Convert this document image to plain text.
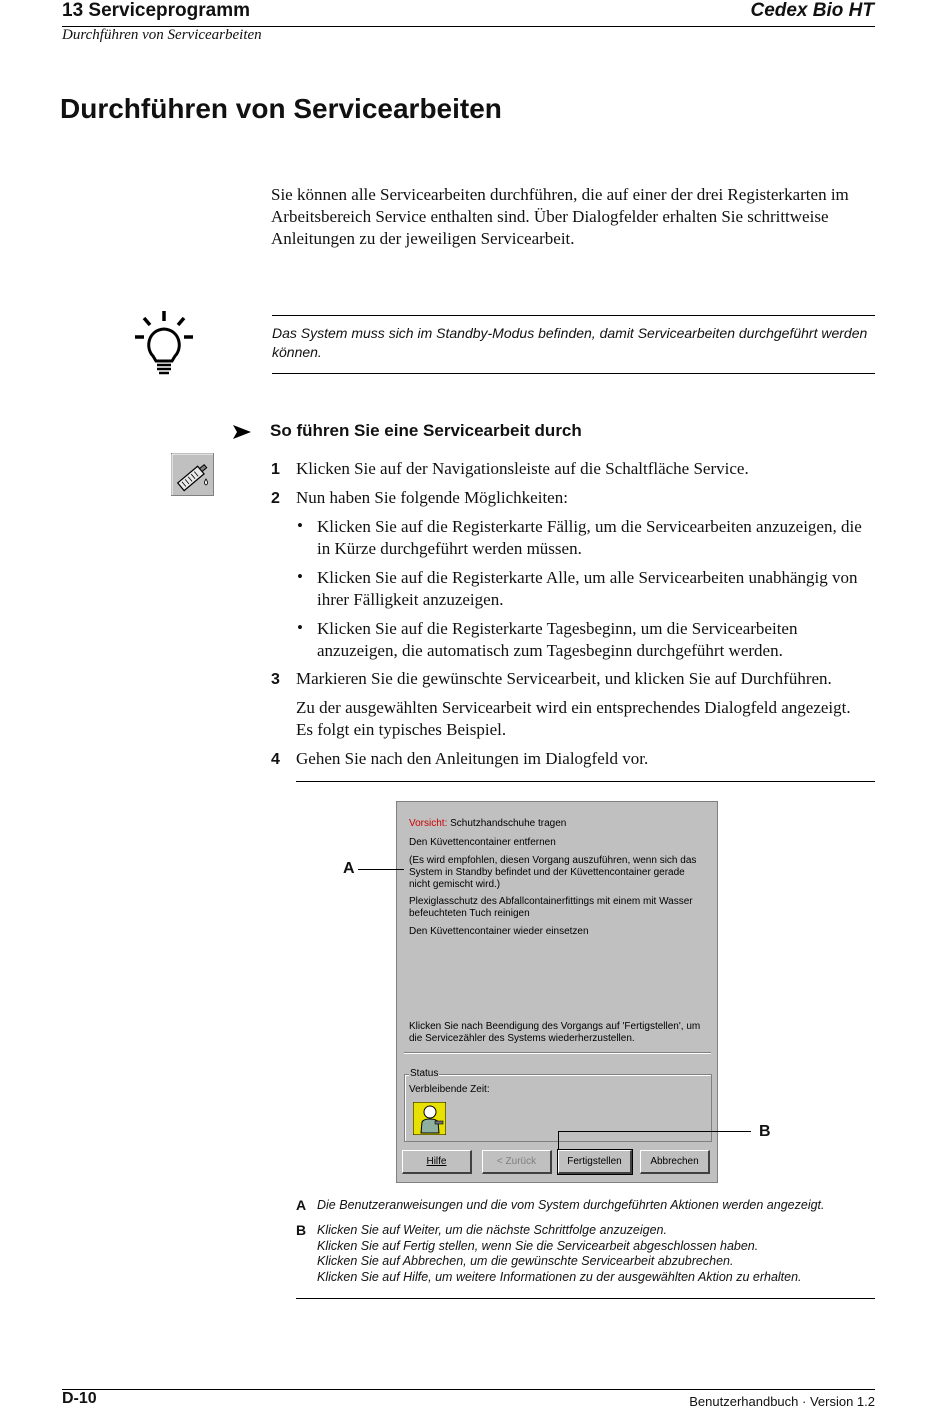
13 Serviceprogramm	Cedex Bio HT
Durchführen von Servicearbeiten
Durchführen von Servicearbeiten
Sie können alle Servicearbeiten durchführen, die auf einer der drei Registerkarten im Arbeitsbereich Service enthalten sind. Über Dialogfelder erhalten Sie schrittweise Anleitungen zu der jeweiligen Servicearbeit.
Das System muss sich im Standby-Modus befinden, damit Servicearbeiten durchgeführt werden können.
So führen Sie eine Servicearbeit durch
1 Klicken Sie auf der Navigationsleiste auf die Schaltfläche Service.
2 Nun haben Sie folgende Möglichkeiten:
• Klicken Sie auf die Registerkarte Fällig, um die Servicearbeiten anzuzeigen, die in Kürze durchgeführt werden müssen.
• Klicken Sie auf die Registerkarte Alle, um alle Servicearbeiten unabhängig von ihrer Fälligkeit anzuzeigen.
• Klicken Sie auf die Registerkarte Tagesbeginn, um die Servicearbeiten anzuzeigen, die automatisch zum Tagesbeginn durchgeführt werden.
3 Markieren Sie die gewünschte Servicearbeit, und klicken Sie auf Durchführen.
Zu der ausgewählten Servicearbeit wird ein entsprechendes Dialogfeld angezeigt. Es folgt ein typisches Beispiel.
4 Gehen Sie nach den Anleitungen im Dialogfeld vor.
Vorsicht: Schutzhandschuhe tragen
Den Küvettencontainer entfernen
(Es wird empfohlen, diesen Vorgang auszuführen, wenn sich das System in Standby befindet und der Küvettencontainer gerade nicht gemischt wird.)
Plexiglasschutz des Abfallcontainerfittings mit einem mit Wasser befeuchteten Tuch reinigen
Den Küvettencontainer wieder einsetzen
Klicken Sie nach Beendigung des Vorgangs auf 'Fertigstellen', um die Servicezähler des Systems wiederherzustellen.
Status
Verbleibende Zeit:
Hilfe	< Zurück	Fertigstellen	Abbrechen
A
B
A Die Benutzeranweisungen und die vom System durchgeführten Aktionen werden angezeigt.
B Klicken Sie auf Weiter, um die nächste Schrittfolge anzuzeigen.
Klicken Sie auf Fertig stellen, wenn Sie die Servicearbeit abgeschlossen haben.
Klicken Sie auf Abbrechen, um die gewünschte Servicearbeit abzubrechen.
Klicken Sie auf Hilfe, um weitere Informationen zu der ausgewählten Aktion zu erhalten.
D-10	Benutzerhandbuch · Version 1.2
